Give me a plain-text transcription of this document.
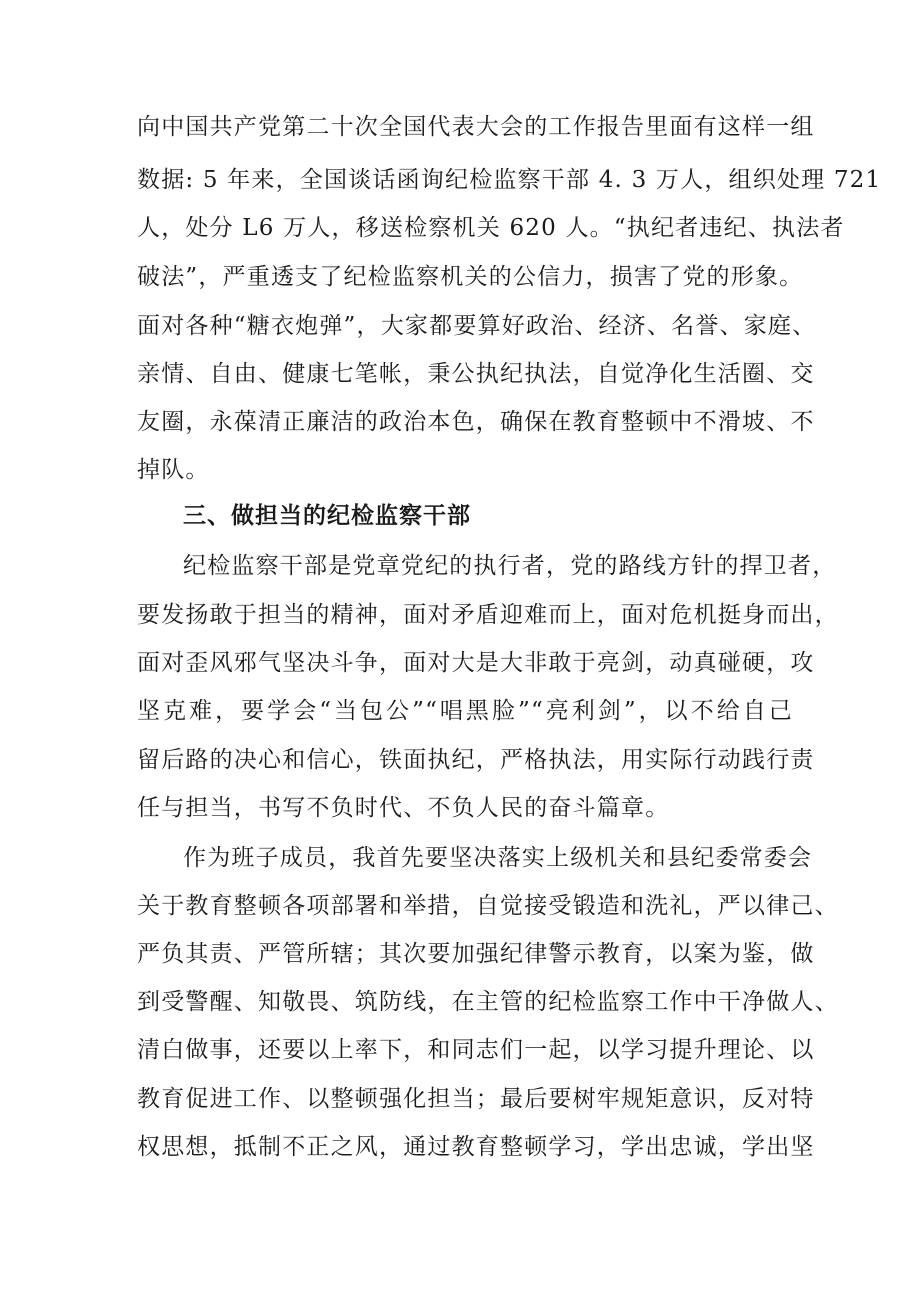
向中国共产党第二十次全国代表大会的工作报告里面有这样一组
数据: 5 年来，全国谈话函询纪检监察干部 4. 3 万人，组织处理 721
人，处分 L6 万人，移送检察机关 620 人。“执纪者违纪、执法者
破法”，严重透支了纪检监察机关的公信力，损害了党的形象。
面对各种“糖衣炮弹”，大家都要算好政治、经济、名誉、家庭、
亲情、自由、健康七笔帐，秉公执纪执法，自觉净化生活圈、交
友圈，永葆清正廉洁的政治本色，确保在教育整顿中不滑坡、不
掉队。
三、做担当的纪检监察干部
纪检监察干部是党章党纪的执行者，党的路线方针的捍卫者，
要发扬敢于担当的精神，面对矛盾迎难而上，面对危机挺身而出，
面对歪风邪气坚决斗争，面对大是大非敢于亮剑，动真碰硬，攻
坚克难，要学会“当包公”“唱黑脸”“亮利剑”，以不给自己
留后路的决心和信心，铁面执纪，严格执法，用实际行动践行责
任与担当，书写不负时代、不负人民的奋斗篇章。
作为班子成员，我首先要坚决落实上级机关和县纪委常委会
关于教育整顿各项部署和举措，自觉接受锻造和洗礼，严以律己、
严负其责、严管所辖；其次要加强纪律警示教育，以案为鉴，做
到受警醒、知敬畏、筑防线，在主管的纪检监察工作中干净做人、
清白做事，还要以上率下，和同志们一起，以学习提升理论、以
教育促进工作、以整顿强化担当；最后要树牢规矩意识，反对特
权思想，抵制不正之风，通过教育整顿学习，学出忠诚，学出坚
